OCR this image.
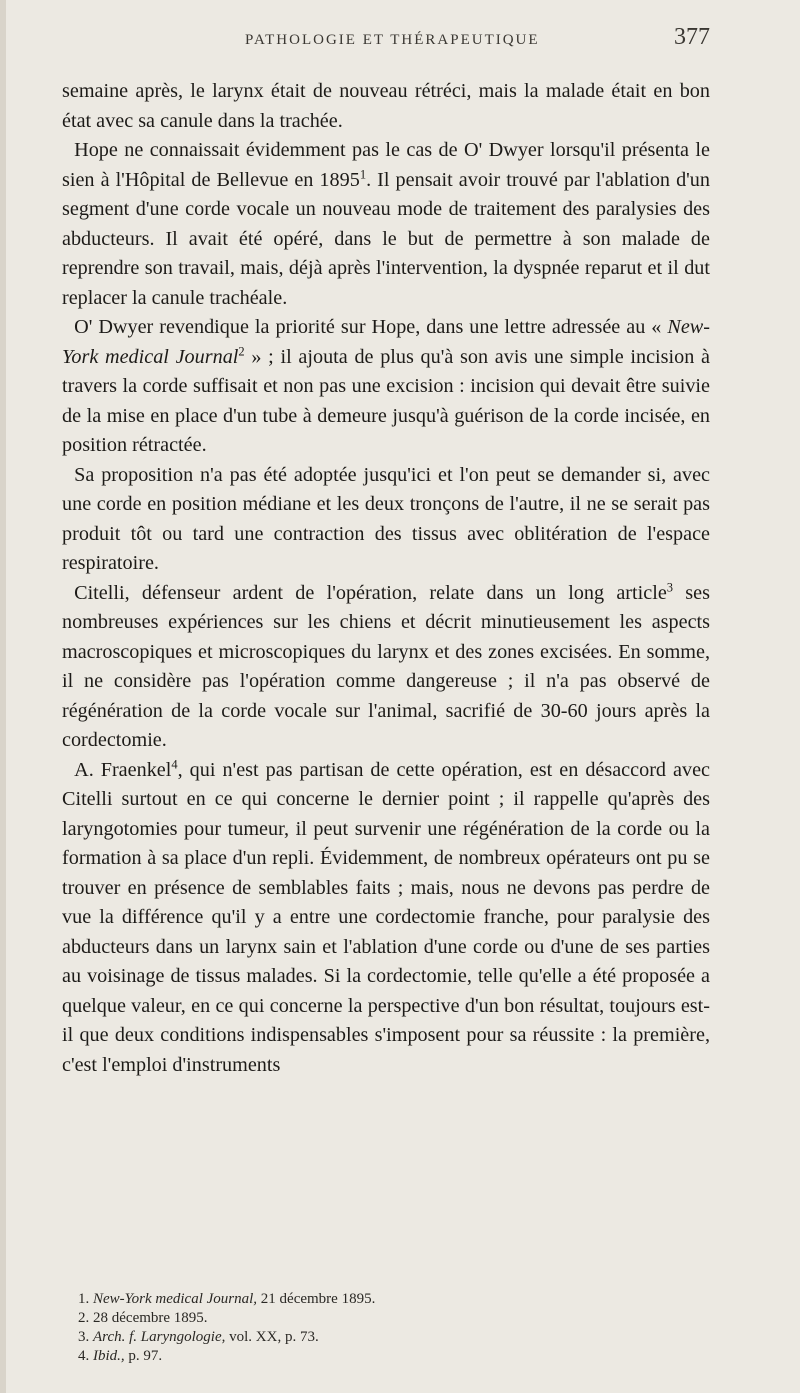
PATHOLOGIE ET THÉRAPEUTIQUE	377

semaine après, le larynx était de nouveau rétréci, mais la malade était en bon état avec sa canule dans la trachée.

Hope ne connaissait évidemment pas le cas de O' Dwyer lorsqu'il présenta le sien à l'Hôpital de Bellevue en 1895$^1$. Il pensait avoir trouvé par l'ablation d'un segment d'une corde vocale un nouveau mode de traitement des paralysies des abducteurs. Il avait été opéré, dans le but de permettre à son malade de reprendre son travail, mais, déjà après l'intervention, la dyspnée reparut et il dut replacer la canule trachéale.

O' Dwyer revendique la priorité sur Hope, dans une lettre adressée au « New-York medical Journal$^2$ » ; il ajouta de plus qu'à son avis une simple incision à travers la corde suffisait et non pas une excision : incision qui devait être suivie de la mise en place d'un tube à demeure jusqu'à guérison de la corde incisée, en position rétractée.

Sa proposition n'a pas été adoptée jusqu'ici et l'on peut se demander si, avec une corde en position médiane et les deux tronçons de l'autre, il ne se serait pas produit tôt ou tard une contraction des tissus avec oblitération de l'espace respiratoire.

Citelli, défenseur ardent de l'opération, relate dans un long article$^3$ ses nombreuses expériences sur les chiens et décrit minutieusement les aspects macroscopiques et microscopiques du larynx et des zones excisées. En somme, il ne considère pas l'opération comme dangereuse ; il n'a pas observé de régénération de la corde vocale sur l'animal, sacrifié de 30-60 jours après la cordectomie.

A. Fraenkel$^4$, qui n'est pas partisan de cette opération, est en désaccord avec Citelli surtout en ce qui concerne le dernier point ; il rappelle qu'après des laryngotomies pour tumeur, il peut survenir une régénération de la corde ou la formation à sa place d'un repli. Évidemment, de nombreux opérateurs ont pu se trouver en présence de semblables faits ; mais, nous ne devons pas perdre de vue la différence qu'il y a entre une cordectomie franche, pour paralysie des abducteurs dans un larynx sain et l'ablation d'une corde ou d'une de ses parties au voisinage de tissus malades. Si la cordectomie, telle qu'elle a été proposée a quelque valeur, en ce qui concerne la perspective d'un bon résultat, toujours est-il que deux conditions indispensables s'imposent pour sa réussite : la première, c'est l'emploi d'instruments

1. New-York medical Journal, 21 décembre 1895.
2. 28 décembre 1895.
3. Arch. f. Laryngologie, vol. XX, p. 73.
4. Ibid., p. 97.
